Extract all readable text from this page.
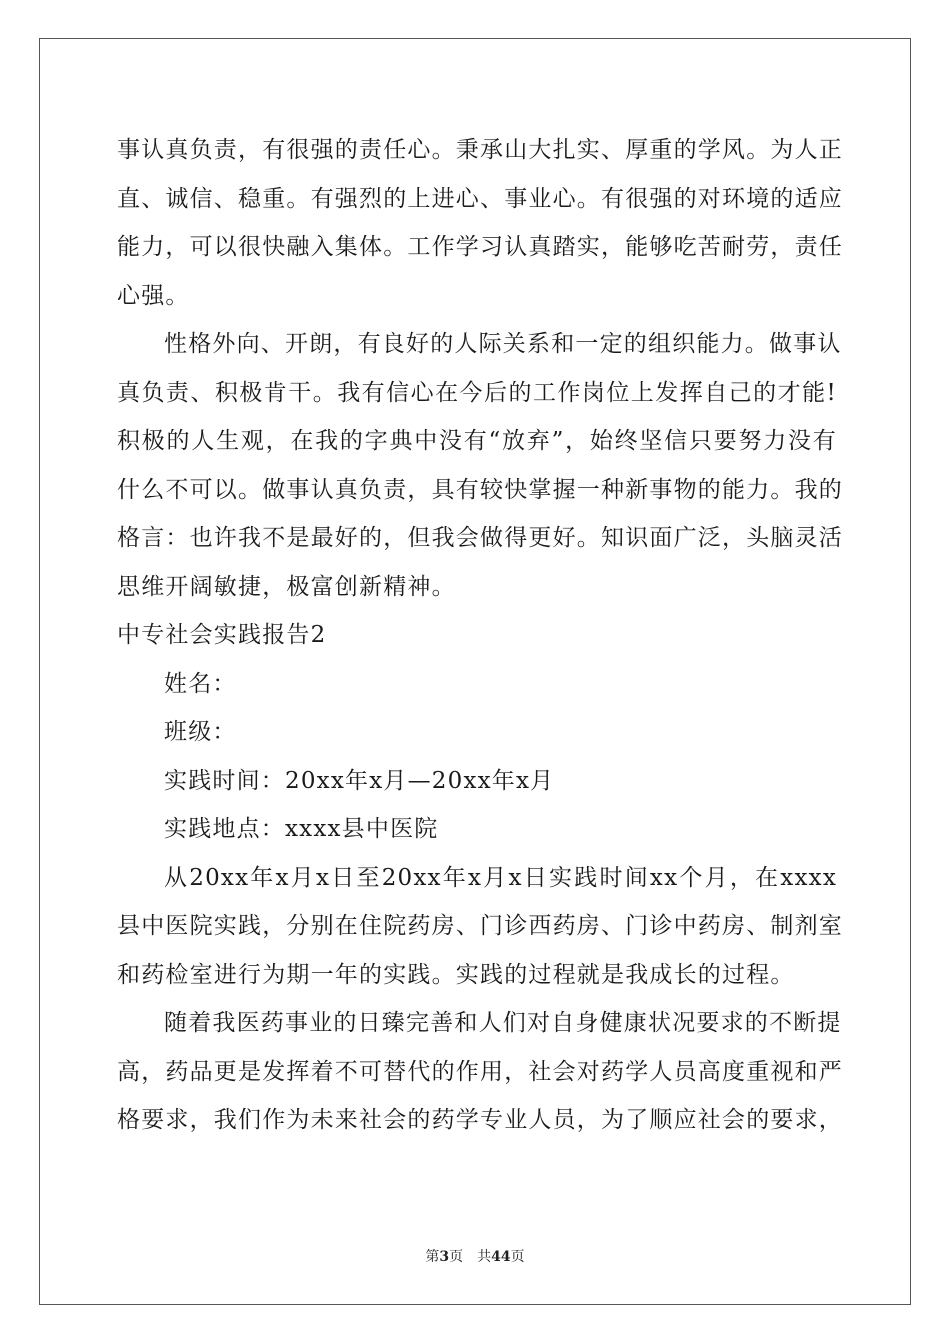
事认真负责，有很强的责任心。秉承山大扎实、厚重的学风。为人正
直、诚信、稳重。有强烈的上进心、事业心。有很强的对环境的适应
能力，可以很快融入集体。工作学习认真踏实，能够吃苦耐劳，责任
心强。
性格外向、开朗，有良好的人际关系和一定的组织能力。做事认
真负责、积极肯干。我有信心在今后的工作岗位上发挥自己的才能!
积极的人生观，在我的字典中没有“放弃”，始终坚信只要努力没有
什么不可以。做事认真负责，具有较快掌握一种新事物的能力。我的
格言：也许我不是最好的，但我会做得更好。知识面广泛，头脑灵活
思维开阔敏捷，极富创新精神。
中专社会实践报告2
姓名：
班级：
实践时间：20xx年x月—20xx年x月
实践地点：xxxx县中医院
从20xx年x月x日至20xx年x月x日实践时间xx个月，在xxxx
县中医院实践，分别在住院药房、门诊西药房、门诊中药房、制剂室
和药检室进行为期一年的实践。实践的过程就是我成长的过程。
随着我医药事业的日臻完善和人们对自身健康状况要求的不断提
高，药品更是发挥着不可替代的作用，社会对药学人员高度重视和严
格要求，我们作为未来社会的药学专业人员，为了顺应社会的要求，
第3页 共44页
